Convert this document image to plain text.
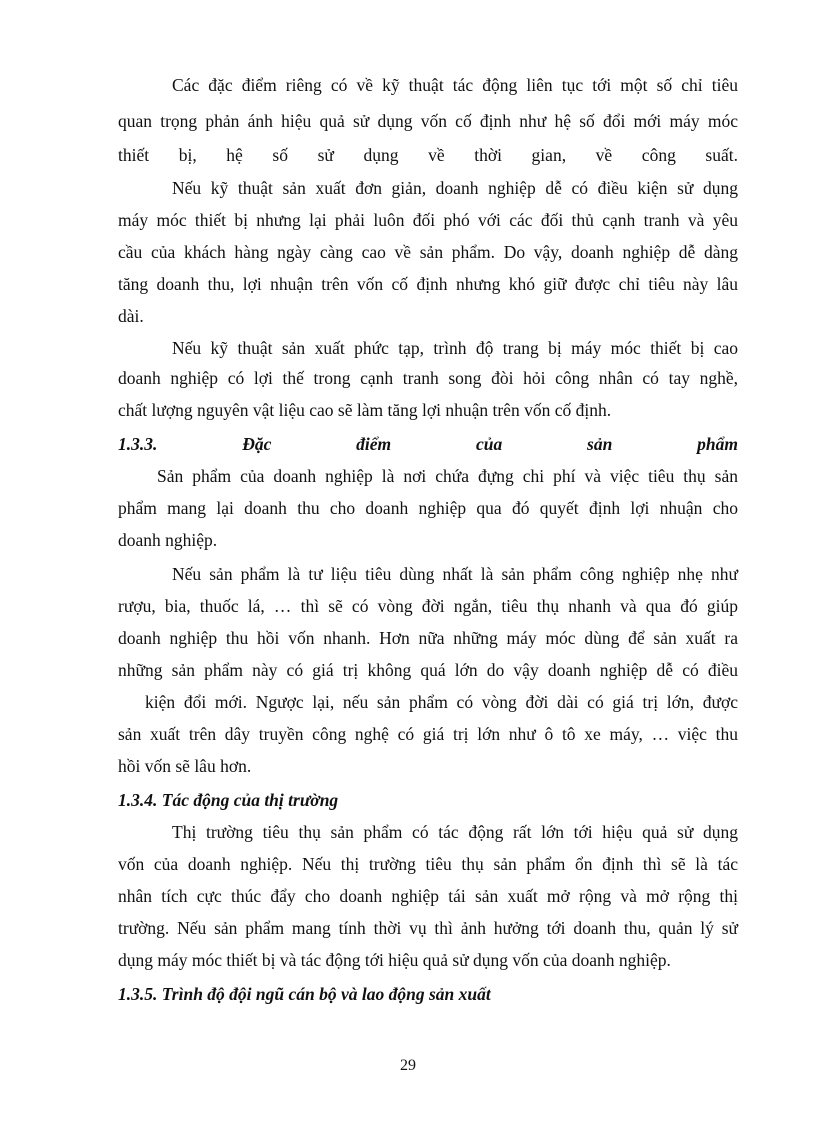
Các đặc điểm riêng có về kỹ thuật tác động liên tục tới một số chỉ tiêu
quan trọng phản ánh hiệu quả sử dụng vốn cố định như hệ số đổi mới máy móc
thiết bị, hệ số sử dụng về thời gian, về công suất.
Nếu kỹ thuật sản xuất đơn giản, doanh nghiệp dễ có điều kiện sử dụng
máy móc thiết bị nhưng lại phải luôn đối phó với các đối thủ cạnh tranh và yêu
cầu của khách hàng ngày càng cao về sản phẩm. Do vậy, doanh nghiệp dễ dàng
tăng doanh thu, lợi nhuận trên vốn cố định nhưng khó giữ được chỉ tiêu này lâu
dài.
Nếu kỹ thuật sản xuất phức tạp, trình độ trang bị máy móc thiết bị cao
doanh nghiệp có lợi thế trong cạnh tranh song đòi hỏi công nhân có tay nghề,
chất lượng nguyên vật liệu cao sẽ làm tăng lợi nhuận trên vốn cố định.
1.3.3. Đặc điểm của sản phẩm
Sản phẩm của doanh nghiệp là nơi chứa đựng chi phí và việc tiêu thụ sản
phẩm mang lại doanh thu cho doanh nghiệp qua đó quyết định lợi nhuận cho
doanh nghiệp.
Nếu sản phẩm là tư liệu tiêu dùng nhất là sản phẩm công nghiệp nhẹ như
rượu, bia, thuốc lá, … thì sẽ có vòng đời ngắn, tiêu thụ nhanh và qua đó giúp
doanh nghiệp thu hồi vốn nhanh. Hơn nữa những máy móc dùng để sản xuất ra
những sản phẩm này có giá trị không quá lớn do vậy doanh nghiệp dễ có điều
kiện đổi mới. Ngược lại, nếu sản phẩm có vòng đời dài có giá trị lớn, được
sản xuất trên dây truyền công nghệ có giá trị lớn như ô tô xe máy, … việc thu
hồi vốn sẽ lâu hơn.
1.3.4. Tác động của thị trường
Thị trường tiêu thụ sản phẩm có tác động rất lớn tới hiệu quả sử dụng
vốn của doanh nghiệp. Nếu thị trường tiêu thụ sản phẩm ổn định thì sẽ là tác
nhân tích cực thúc đẩy cho doanh nghiệp tái sản xuất mở rộng và mở rộng thị
trường. Nếu sản phẩm mang tính thời vụ thì ảnh hưởng tới doanh thu, quản lý sử
dụng máy móc thiết bị và tác động tới hiệu quả sử dụng vốn của doanh nghiệp.
1.3.5. Trình độ đội ngũ cán bộ và lao động sản xuất
29
